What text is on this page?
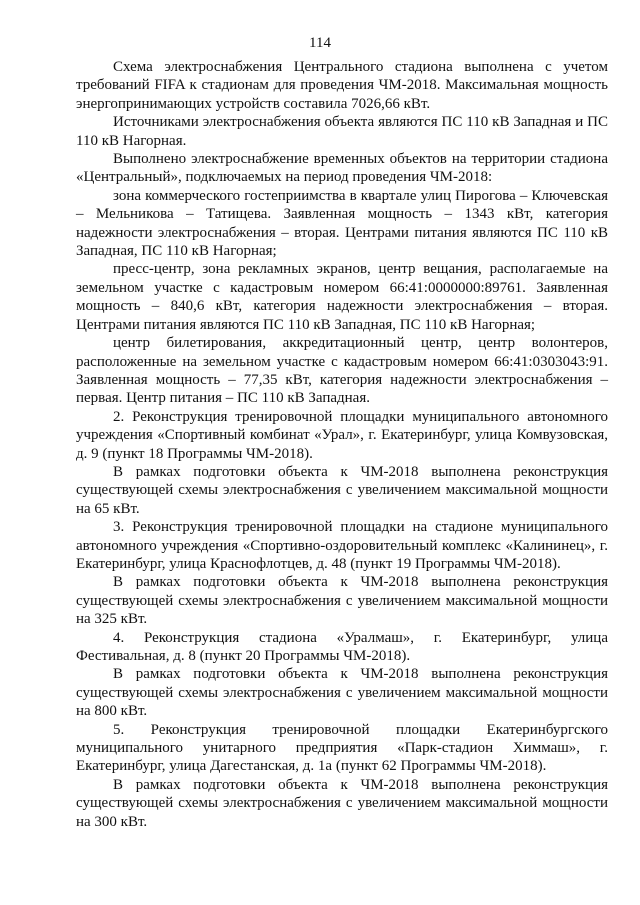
114

Схема электроснабжения Центрального стадиона выполнена с учетом требований FIFA к стадионам для проведения ЧМ-2018. Максимальная мощность энергопринимающих устройств составила 7026,66 кВт.

Источниками электроснабжения объекта являются ПС 110 кВ Западная и ПС 110 кВ Нагорная.

Выполнено электроснабжение временных объектов на территории стадиона «Центральный», подключаемых на период проведения ЧМ-2018:

зона коммерческого гостеприимства в квартале улиц Пирогова – Ключевская – Мельникова – Татищева. Заявленная мощность – 1343 кВт, категория надежности электроснабжения – вторая. Центрами питания являются ПС 110 кВ Западная, ПС 110 кВ Нагорная;

пресс-центр, зона рекламных экранов, центр вещания, располагаемые на земельном участке с кадастровым номером 66:41:0000000:89761. Заявленная мощность – 840,6 кВт, категория надежности электроснабжения – вторая. Центрами питания являются ПС 110 кВ Западная, ПС 110 кВ Нагорная;

центр билетирования, аккредитационный центр, центр волонтеров, расположенные на земельном участке с кадастровым номером 66:41:0303043:91. Заявленная мощность – 77,35 кВт, категория надежности электроснабжения – первая. Центр питания – ПС 110 кВ Западная.

2. Реконструкция тренировочной площадки муниципального автономного учреждения «Спортивный комбинат «Урал», г. Екатеринбург, улица Комвузовская, д. 9 (пункт 18 Программы ЧМ-2018).

В рамках подготовки объекта к ЧМ-2018 выполнена реконструкция существующей схемы электроснабжения с увеличением максимальной мощности на 65 кВт.

3. Реконструкция тренировочной площадки на стадионе муниципального автономного учреждения «Спортивно-оздоровительный комплекс «Калининец», г. Екатеринбург, улица Краснофлотцев, д. 48 (пункт 19 Программы ЧМ-2018).

В рамках подготовки объекта к ЧМ-2018 выполнена реконструкция существующей схемы электроснабжения с увеличением максимальной мощности на 325 кВт.

4. Реконструкция стадиона «Уралмаш», г. Екатеринбург, улица Фестивальная, д. 8 (пункт 20 Программы ЧМ-2018).

В рамках подготовки объекта к ЧМ-2018 выполнена реконструкция существующей схемы электроснабжения с увеличением максимальной мощности на 800 кВт.

5. Реконструкция тренировочной площадки Екатеринбургского муниципального унитарного предприятия «Парк-стадион Химмаш», г. Екатеринбург, улица Дагестанская, д. 1а (пункт 62 Программы ЧМ-2018).

В рамках подготовки объекта к ЧМ-2018 выполнена реконструкция существующей схемы электроснабжения с увеличением максимальной мощности на 300 кВт.
